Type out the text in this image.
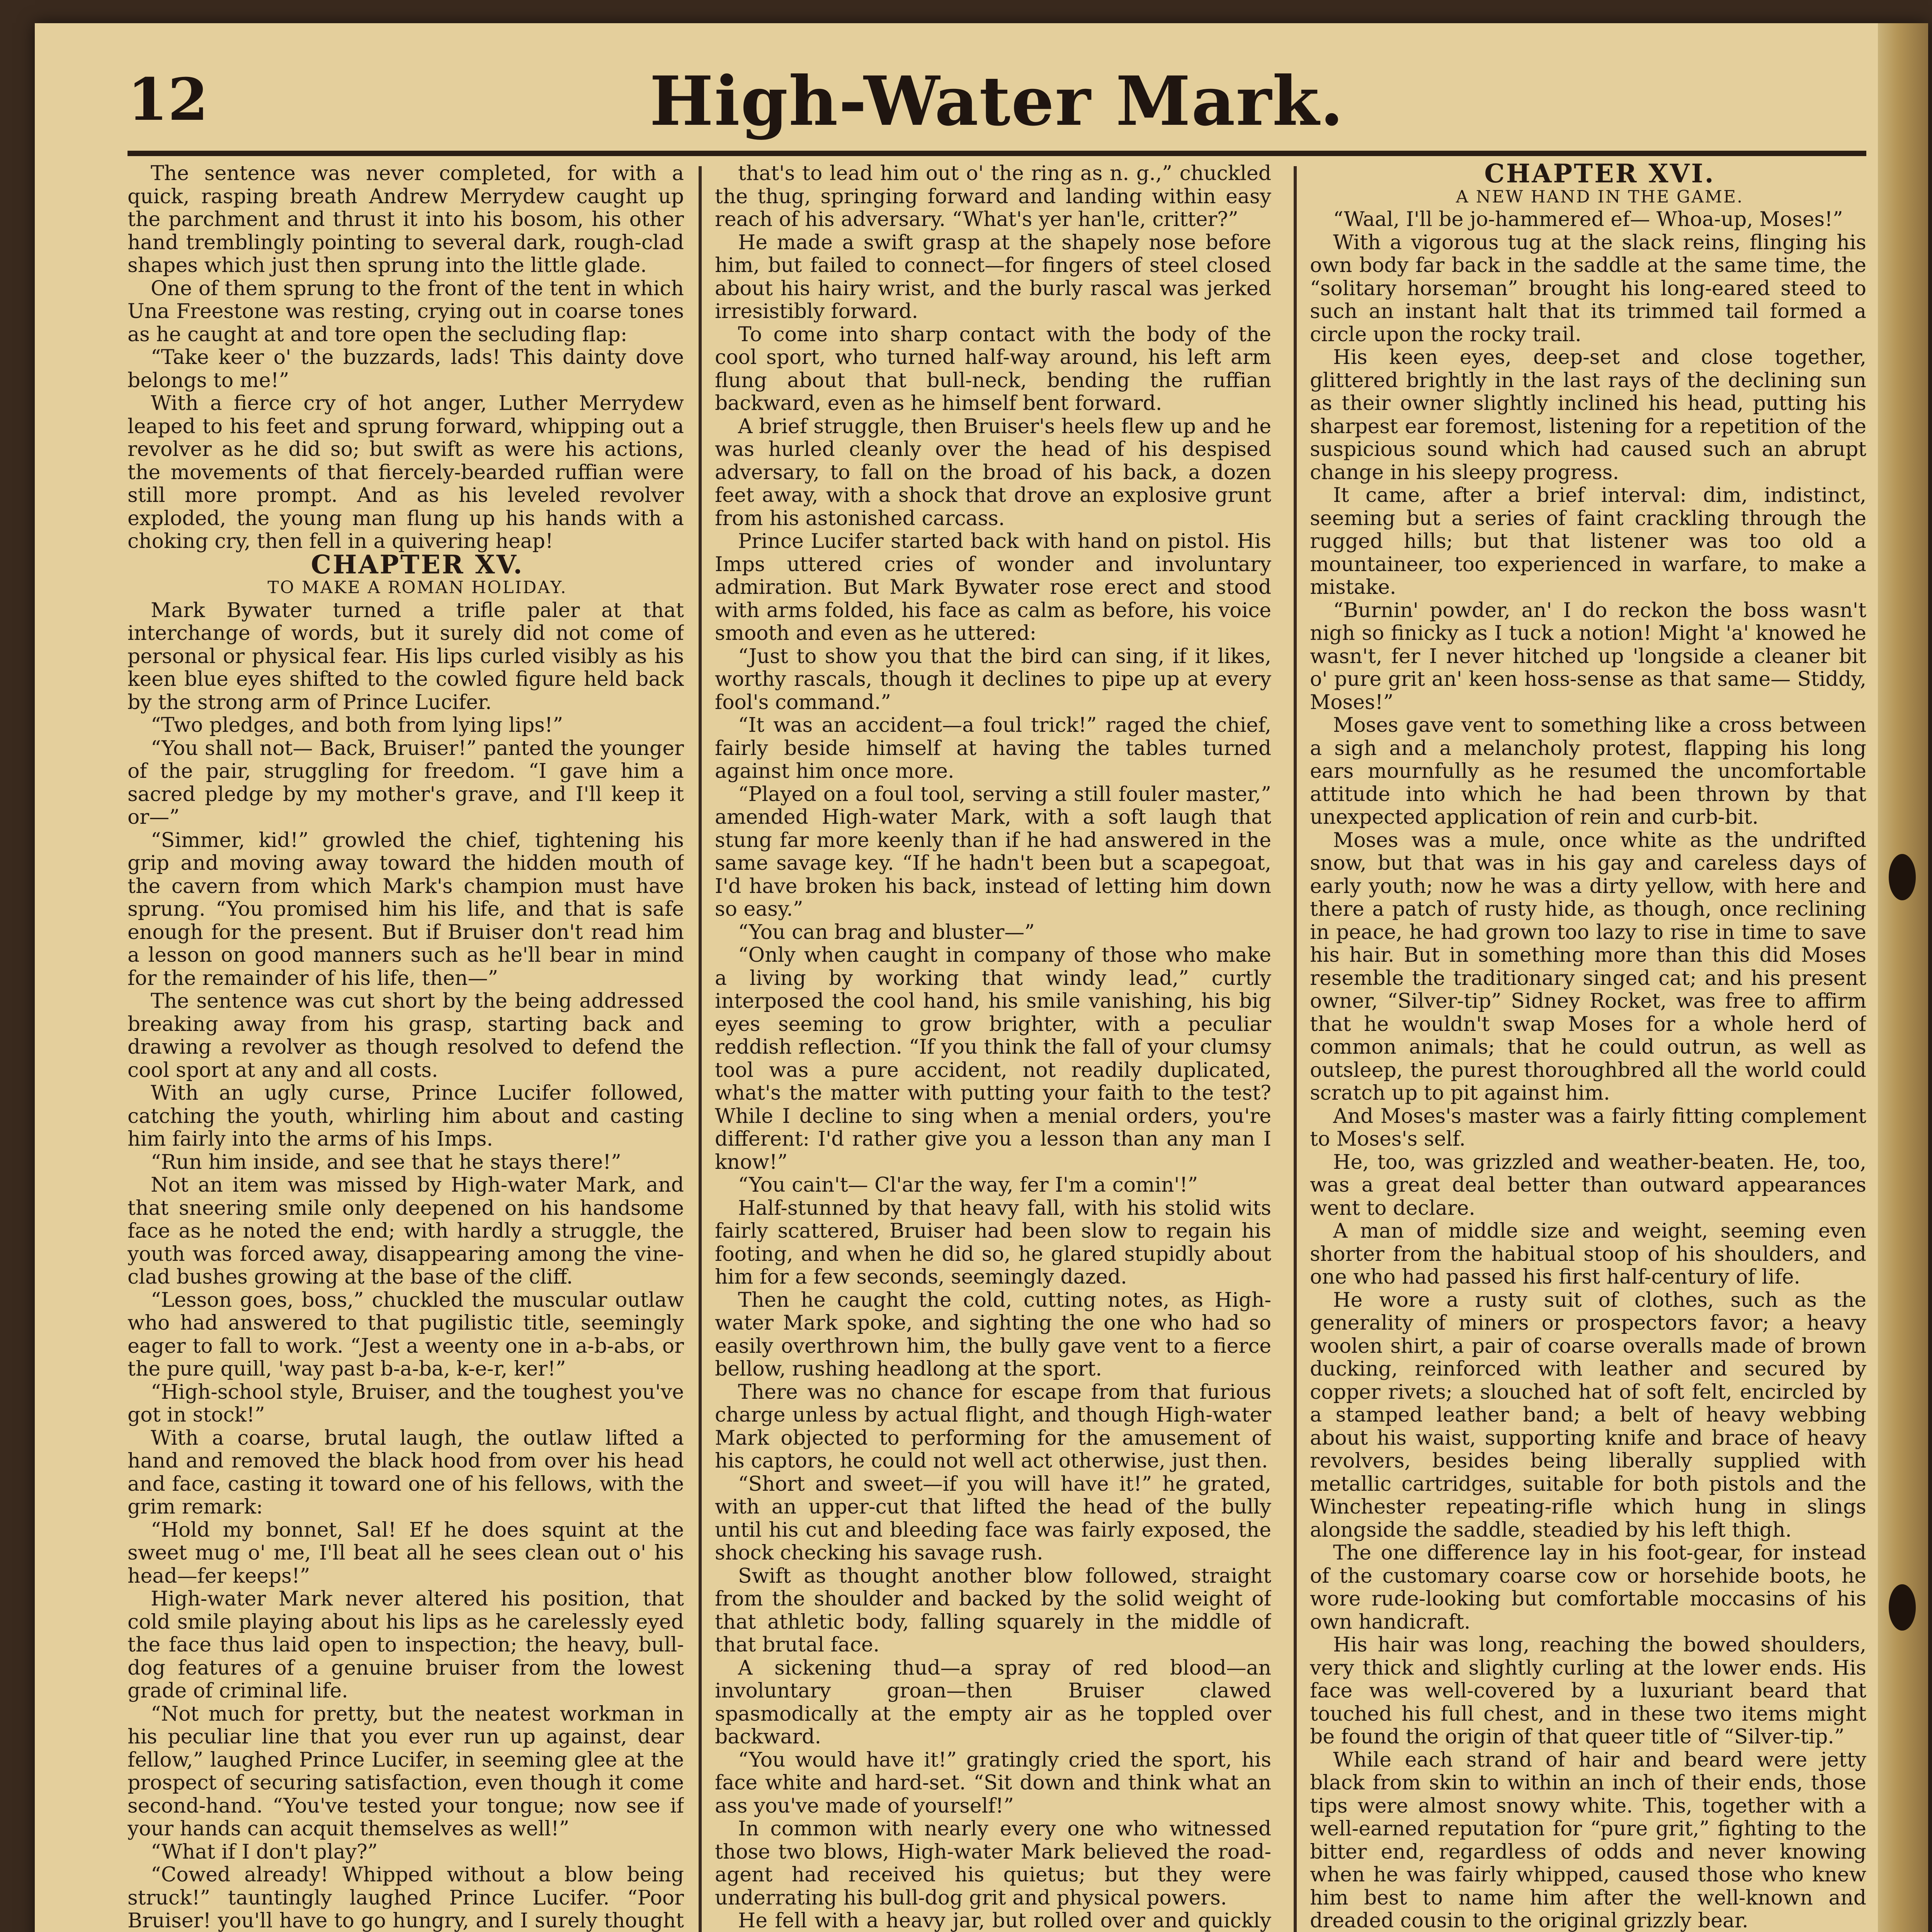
12	High-Water Mark.

The sentence was never completed, for with a quick, rasping breath Andrew Merrydew caught up the parchment and thrust it into his bosom, his other hand tremblingly pointing to several dark, rough-clad shapes which just then sprung into the little glade.

One of them sprung to the front of the tent in which Una Freestone was resting, crying out in coarse tones as he caught at and tore open the secluding flap:

“Take keer o' the buzzards, lads! This dainty dove belongs to me!”

With a fierce cry of hot anger, Luther Merrydew leaped to his feet and sprung forward, whipping out a revolver as he did so; but swift as were his actions, the movements of that fiercely-bearded ruffian were still more prompt. And as his leveled revolver exploded, the young man flung up his hands with a choking cry, then fell in a quivering heap!

CHAPTER XV.

TO MAKE A ROMAN HOLIDAY.

Mark Bywater turned a trifle paler at that interchange of words, but it surely did not come of personal or physical fear. His lips curled visibly as his keen blue eyes shifted to the cowled figure held back by the strong arm of Prince Lucifer.

“Two pledges, and both from lying lips!”

“You shall not— Back, Bruiser!” panted the younger of the pair, struggling for freedom. “I gave him a sacred pledge by my mother's grave, and I'll keep it or—”

“Simmer, kid!” growled the chief, tightening his grip and moving away toward the hidden mouth of the cavern from which Mark's champion must have sprung. “You promised him his life, and that is safe enough for the present. But if Bruiser don't read him a lesson on good manners such as he'll bear in mind for the remainder of his life, then—”

The sentence was cut short by the being addressed breaking away from his grasp, starting back and drawing a revolver as though resolved to defend the cool sport at any and all costs.

With an ugly curse, Prince Lucifer followed, catching the youth, whirling him about and casting him fairly into the arms of his Imps.

“Run him inside, and see that he stays there!”

Not an item was missed by High-water Mark, and that sneering smile only deepened on his handsome face as he noted the end; with hardly a struggle, the youth was forced away, disappearing among the vine-clad bushes growing at the base of the cliff.

“Lesson goes, boss,” chuckled the muscular outlaw who had answered to that pugilistic title, seemingly eager to fall to work. “Jest a weenty one in a-b-abs, or the pure quill, 'way past b-a-ba, k-e-r, ker!”

“High-school style, Bruiser, and the toughest you've got in stock!”

With a coarse, brutal laugh, the outlaw lifted a hand and removed the black hood from over his head and face, casting it toward one of his fellows, with the grim remark:

“Hold my bonnet, Sal! Ef he does squint at the sweet mug o' me, I'll beat all he sees clean out o' his head—fer keeps!”

High-water Mark never altered his position, that cold smile playing about his lips as he carelessly eyed the face thus laid open to inspection; the heavy, bull-dog features of a genuine bruiser from the lowest grade of criminal life.

“Not much for pretty, but the neatest workman in his peculiar line that you ever run up against, dear fellow,” laughed Prince Lucifer, in seeming glee at the prospect of securing satisfaction, even though it come second-hand. “You've tested your tongue; now see if your hands can acquit themselves as well!”

“What if I don't play?”

“Cowed already! Whipped without a blow being struck!” tauntingly laughed Prince Lucifer. “Poor Bruiser! you'll have to go hungry, and I surely thought

that's to lead him out o' the ring as n. g.,” chuckled the thug, springing forward and landing within easy reach of his adversary. “What's yer han'le, critter?”

He made a swift grasp at the shapely nose before him, but failed to connect—for fingers of steel closed about his hairy wrist, and the burly rascal was jerked irresistibly forward.

To come into sharp contact with the body of the cool sport, who turned half-way around, his left arm flung about that bull-neck, bending the ruffian backward, even as he himself bent forward.

A brief struggle, then Bruiser's heels flew up and he was hurled cleanly over the head of his despised adversary, to fall on the broad of his back, a dozen feet away, with a shock that drove an explosive grunt from his astonished carcass.

Prince Lucifer started back with hand on pistol. His Imps uttered cries of wonder and involuntary admiration. But Mark Bywater rose erect and stood with arms folded, his face as calm as before, his voice smooth and even as he uttered:

“Just to show you that the bird can sing, if it likes, worthy rascals, though it declines to pipe up at every fool's command.”

“It was an accident—a foul trick!” raged the chief, fairly beside himself at having the tables turned against him once more.

“Played on a foul tool, serving a still fouler master,” amended High-water Mark, with a soft laugh that stung far more keenly than if he had answered in the same savage key. “If he hadn't been but a scapegoat, I'd have broken his back, instead of letting him down so easy.”

“You can brag and bluster—”

“Only when caught in company of those who make a living by working that windy lead,” curtly interposed the cool hand, his smile vanishing, his big eyes seeming to grow brighter, with a peculiar reddish reflection. “If you think the fall of your clumsy tool was a pure accident, not readily duplicated, what's the matter with putting your faith to the test? While I decline to sing when a menial orders, you're different: I'd rather give you a lesson than any man I know!”

“You cain't— Cl'ar the way, fer I'm a comin'!”

Half-stunned by that heavy fall, with his stolid wits fairly scattered, Bruiser had been slow to regain his footing, and when he did so, he glared stupidly about him for a few seconds, seemingly dazed.

Then he caught the cold, cutting notes, as High-water Mark spoke, and sighting the one who had so easily overthrown him, the bully gave vent to a fierce bellow, rushing headlong at the sport.

There was no chance for escape from that furious charge unless by actual flight, and though High-water Mark objected to performing for the amusement of his captors, he could not well act otherwise, just then.

“Short and sweet—if you will have it!” he grated, with an upper-cut that lifted the head of the bully until his cut and bleeding face was fairly exposed, the shock checking his savage rush.

Swift as thought another blow followed, straight from the shoulder and backed by the solid weight of that athletic body, falling squarely in the middle of that brutal face.

A sickening thud—a spray of red blood—an involuntary groan—then Bruiser clawed spasmodically at the empty air as he toppled over backward.

“You would have it!” gratingly cried the sport, his face white and hard-set. “Sit down and think what an ass you've made of yourself!”

In common with nearly every one who witnessed those two blows, High-water Mark believed the road-agent had received his quietus; but they were underrating his bull-dog grit and physical powers.

He fell with a heavy jar, but rolled over and quickly

CHAPTER XVI.

A NEW HAND IN THE GAME.

“Waal, I'll be jo-hammered ef— Whoa-up, Moses!”

With a vigorous tug at the slack reins, flinging his own body far back in the saddle at the same time, the “solitary horseman” brought his long-eared steed to such an instant halt that its trimmed tail formed a circle upon the rocky trail.

His keen eyes, deep-set and close together, glittered brightly in the last rays of the declining sun as their owner slightly inclined his head, putting his sharpest ear foremost, listening for a repetition of the suspicious sound which had caused such an abrupt change in his sleepy progress.

It came, after a brief interval: dim, indistinct, seeming but a series of faint crackling through the rugged hills; but that listener was too old a mountaineer, too experienced in warfare, to make a mistake.

“Burnin' powder, an' I do reckon the boss wasn't nigh so finicky as I tuck a notion! Might 'a' knowed he wasn't, fer I never hitched up 'longside a cleaner bit o' pure grit an' keen hoss-sense as that same— Stiddy, Moses!”

Moses gave vent to something like a cross between a sigh and a melancholy protest, flapping his long ears mournfully as he resumed the uncomfortable attitude into which he had been thrown by that unexpected application of rein and curb-bit.

Moses was a mule, once white as the undrifted snow, but that was in his gay and careless days of early youth; now he was a dirty yellow, with here and there a patch of rusty hide, as though, once reclining in peace, he had grown too lazy to rise in time to save his hair. But in something more than this did Moses resemble the traditionary singed cat; and his present owner, “Silver-tip” Sidney Rocket, was free to affirm that he wouldn't swap Moses for a whole herd of common animals; that he could outrun, as well as outsleep, the purest thoroughbred all the world could scratch up to pit against him.

And Moses's master was a fairly fitting complement to Moses's self.

He, too, was grizzled and weather-beaten. He, too, was a great deal better than outward appearances went to declare.

A man of middle size and weight, seeming even shorter from the habitual stoop of his shoulders, and one who had passed his first half-century of life.

He wore a rusty suit of clothes, such as the generality of miners or prospectors favor; a heavy woolen shirt, a pair of coarse overalls made of brown ducking, reinforced with leather and secured by copper rivets; a slouched hat of soft felt, encircled by a stamped leather band; a belt of heavy webbing about his waist, supporting knife and brace of heavy revolvers, besides being liberally supplied with metallic cartridges, suitable for both pistols and the Winchester repeating-rifle which hung in slings alongside the saddle, steadied by his left thigh.

The one difference lay in his foot-gear, for instead of the customary coarse cow or horsehide boots, he wore rude-looking but comfortable moccasins of his own handicraft.

His hair was long, reaching the bowed shoulders, very thick and slightly curling at the lower ends. His face was well-covered by a luxuriant beard that touched his full chest, and in these two items might be found the origin of that queer title of “Silver-tip.”

While each strand of hair and beard were jetty black from skin to within an inch of their ends, those tips were almost snowy white. This, together with a well-earned reputation for “pure grit,” fighting to the bitter end, regardless of odds and never knowing when he was fairly whipped, caused those who knew him best to name him after the well-known and dreaded cousin to the original grizzly bear.
